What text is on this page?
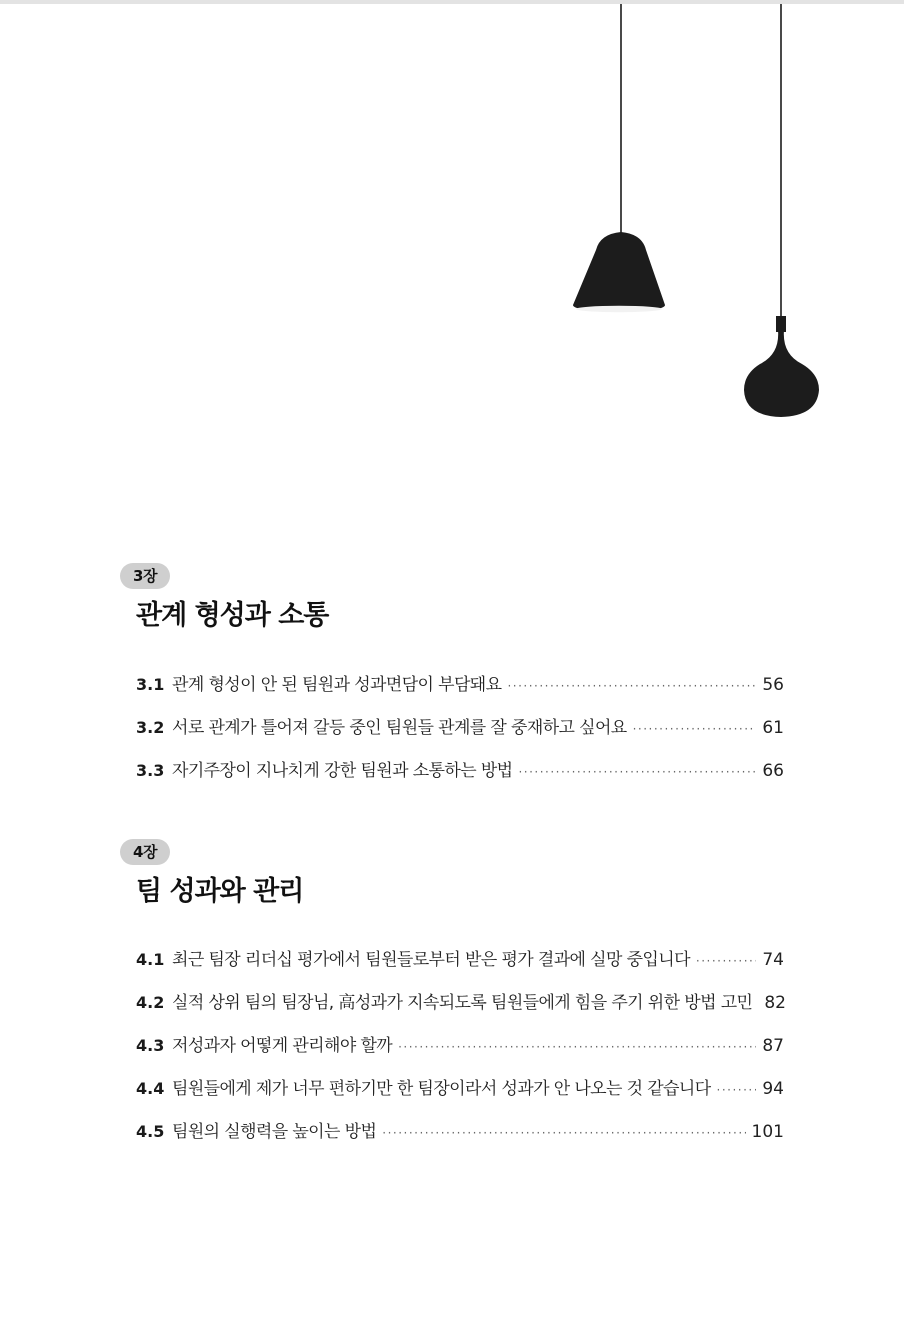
3장
관계 형성과 소통
3.1 관계 형성이 안 된 팀원과 성과면담이 부담돼요 ·····	56
3.2 서로 관계가 틀어져 갈등 중인 팀원들 관계를 잘 중재하고 싶어요 ·····	61
3.3 자기주장이 지나치게 강한 팀원과 소통하는 방법 ·····	66
4장
팀 성과와 관리
4.1 최근 팀장 리더십 평가에서 팀원들로부터 받은 평가 결과에 실망 중입니다 ·····	74
4.2 실적 상위 팀의 팀장님, 高성과가 지속되도록 팀원들에게 힘을 주기 위한 방법 고민 82
4.3 저성과자 어떻게 관리해야 할까 ·····	87
4.4 팀원들에게 제가 너무 편하기만 한 팀장이라서 성과가 안 나오는 것 같습니다 ·····	94
4.5 팀원의 실행력을 높이는 방법 ·····	101
